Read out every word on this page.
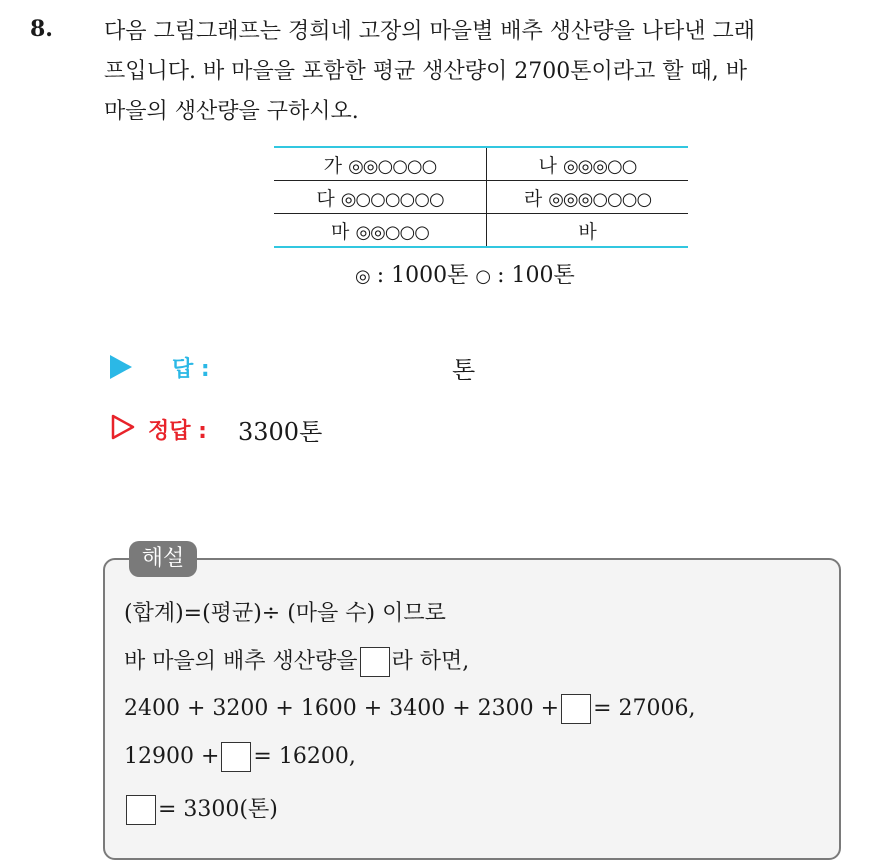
8. 다음 그림그래프는 경희네 고장의 마을별 배추 생산량을 나타낸 그래
프입니다. 바 마을을 포함한 평균 생산량이 2700톤이라고 할 때, 바
마을의 생산량을 구하시오.
가 ◎◎○○○○	나 ◎◎◎○○
다 ◎○○○○○○	라 ◎◎◎○○○○
마 ◎◎○○○	바
◎ : 1000톤 ○ : 100톤
답 :	톤
정답 : 3300톤
해설
(합계)=(평균)÷ (마을 수) 이므로
바 마을의 배추 생산량을 라 하면,
2400 + 3200 + 1600 + 3400 + 2300 + = 27006,
12900 + = 16200,
= 3300(톤)
